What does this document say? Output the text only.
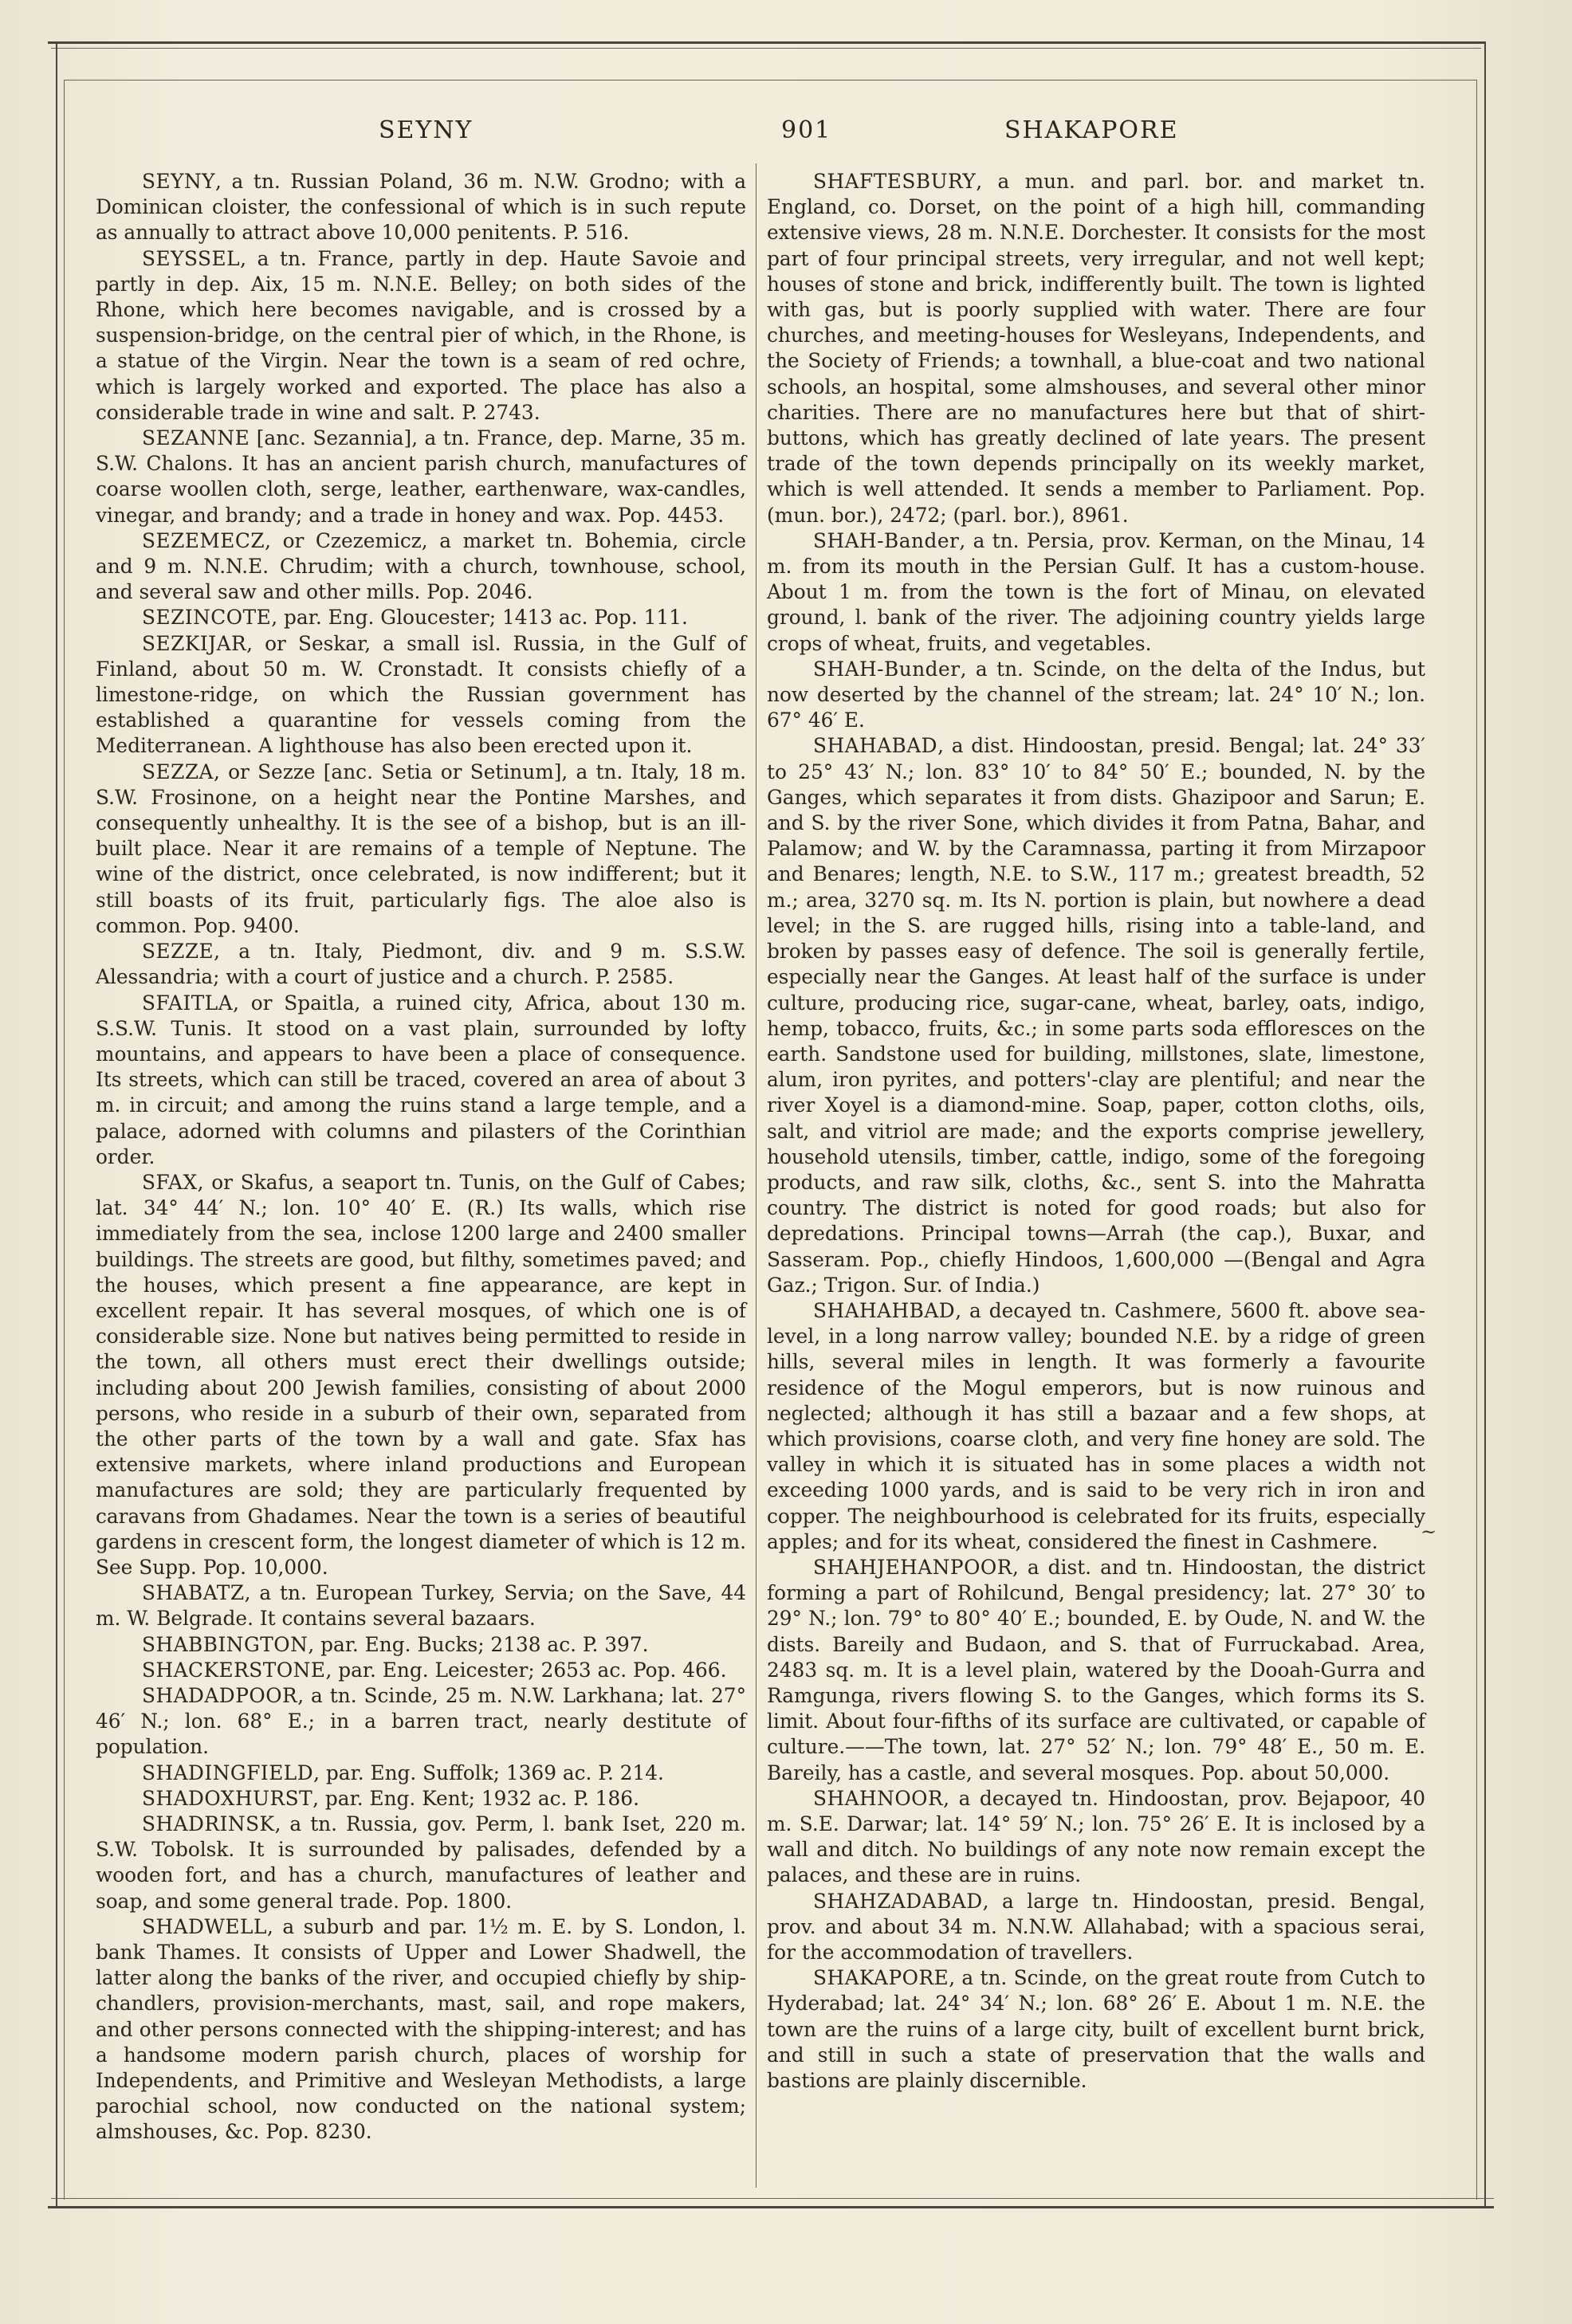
SEYNY	901	SHAKAPORE

SEYNY, a tn. Russian Poland, 36 m. N.W. Grodno; with a Dominican cloister, the confessional of which is in such repute as annually to attract above 10,000 penitents. P. 516.

SEYSSEL, a tn. France, partly in dep. Haute Savoie and partly in dep. Aix, 15 m. N.N.E. Belley; on both sides of the Rhone, which here becomes navigable, and is crossed by a suspension-bridge, on the central pier of which, in the Rhone, is a statue of the Virgin. Near the town is a seam of red ochre, which is largely worked and exported. The place has also a considerable trade in wine and salt. P. 2743.

SEZANNE [anc. Sezannia], a tn. France, dep. Marne, 35 m. S.W. Chalons. It has an ancient parish church, manufactures of coarse woollen cloth, serge, leather, earthenware, wax-candles, vinegar, and brandy; and a trade in honey and wax. Pop. 4453.

SEZEMECZ, or Czezemicz, a market tn. Bohemia, circle and 9 m. N.N.E. Chrudim; with a church, townhouse, school, and several saw and other mills. Pop. 2046.

SEZINCOTE, par. Eng. Gloucester; 1413 ac. Pop. 111.

SEZKIJAR, or Seskar, a small isl. Russia, in the Gulf of Finland, about 50 m. W. Cronstadt. It consists chiefly of a limestone-ridge, on which the Russian government has established a quarantine for vessels coming from the Mediterranean. A lighthouse has also been erected upon it.

SEZZA, or Sezze [anc. Setia or Setinum], a tn. Italy, 18 m. S.W. Frosinone, on a height near the Pontine Marshes, and consequently unhealthy. It is the see of a bishop, but is an ill-built place. Near it are remains of a temple of Neptune. The wine of the district, once celebrated, is now indifferent; but it still boasts of its fruit, particularly figs. The aloe also is common. Pop. 9400.

SEZZE, a tn. Italy, Piedmont, div. and 9 m. S.S.W. Alessandria; with a court of justice and a church. P. 2585.

SFAITLA, or Spaitla, a ruined city, Africa, about 130 m. S.S.W. Tunis. It stood on a vast plain, surrounded by lofty mountains, and appears to have been a place of consequence. Its streets, which can still be traced, covered an area of about 3 m. in circuit; and among the ruins stand a large temple, and a palace, adorned with columns and pilasters of the Corinthian order.

SFAX, or Skafus, a seaport tn. Tunis, on the Gulf of Cabes; lat. 34° 44′ N.; lon. 10° 40′ E. (R.) Its walls, which rise immediately from the sea, inclose 1200 large and 2400 smaller buildings. The streets are good, but filthy, sometimes paved; and the houses, which present a fine appearance, are kept in excellent repair. It has several mosques, of which one is of considerable size. None but natives being permitted to reside in the town, all others must erect their dwellings outside; including about 200 Jewish families, consisting of about 2000 persons, who reside in a suburb of their own, separated from the other parts of the town by a wall and gate. Sfax has extensive markets, where inland productions and European manufactures are sold; they are particularly frequented by caravans from Ghadames. Near the town is a series of beautiful gardens in crescent form, the longest diameter of which is 12 m. See Supp. Pop. 10,000.

SHABATZ, a tn. European Turkey, Servia; on the Save, 44 m. W. Belgrade. It contains several bazaars.

SHABBINGTON, par. Eng. Bucks; 2138 ac. P. 397.

SHACKERSTONE, par. Eng. Leicester; 2653 ac. Pop. 466.

SHADADPOOR, a tn. Scinde, 25 m. N.W. Larkhana; lat. 27° 46′ N.; lon. 68° E.; in a barren tract, nearly destitute of population.

SHADINGFIELD, par. Eng. Suffolk; 1369 ac. P. 214.

SHADOXHURST, par. Eng. Kent; 1932 ac. P. 186.

SHADRINSK, a tn. Russia, gov. Perm, l. bank Iset, 220 m. S.W. Tobolsk. It is surrounded by palisades, defended by a wooden fort, and has a church, manufactures of leather and soap, and some general trade. Pop. 1800.

SHADWELL, a suburb and par. 1½ m. E. by S. London, l. bank Thames. It consists of Upper and Lower Shadwell, the latter along the banks of the river, and occupied chiefly by ship-chandlers, provision-merchants, mast, sail, and rope makers, and other persons connected with the shipping-interest; and has a handsome modern parish church, places of worship for Independents, and Primitive and Wesleyan Methodists, a large parochial school, now conducted on the national system; almshouses, &c. Pop. 8230.

SHAFTESBURY, a mun. and parl. bor. and market tn. England, co. Dorset, on the point of a high hill, commanding extensive views, 28 m. N.N.E. Dorchester. It consists for the most part of four principal streets, very irregular, and not well kept; houses of stone and brick, indifferently built. The town is lighted with gas, but is poorly supplied with water. There are four churches, and meeting-houses for Wesleyans, Independents, and the Society of Friends; a townhall, a blue-coat and two national schools, an hospital, some almshouses, and several other minor charities. There are no manufactures here but that of shirt-buttons, which has greatly declined of late years. The present trade of the town depends principally on its weekly market, which is well attended. It sends a member to Parliament. Pop. (mun. bor.), 2472; (parl. bor.), 8961.

SHAH-Bander, a tn. Persia, prov. Kerman, on the Minau, 14 m. from its mouth in the Persian Gulf. It has a custom-house. About 1 m. from the town is the fort of Minau, on elevated ground, l. bank of the river. The adjoining country yields large crops of wheat, fruits, and vegetables.

SHAH-Bunder, a tn. Scinde, on the delta of the Indus, but now deserted by the channel of the stream; lat. 24° 10′ N.; lon. 67° 46′ E.

SHAHABAD, a dist. Hindoostan, presid. Bengal; lat. 24° 33′ to 25° 43′ N.; lon. 83° 10′ to 84° 50′ E.; bounded, N. by the Ganges, which separates it from dists. Ghazipoor and Sarun; E. and S. by the river Sone, which divides it from Patna, Bahar, and Palamow; and W. by the Caramnassa, parting it from Mirzapoor and Benares; length, N.E. to S.W., 117 m.; greatest breadth, 52 m.; area, 3270 sq. m. Its N. portion is plain, but nowhere a dead level; in the S. are rugged hills, rising into a table-land, and broken by passes easy of defence. The soil is generally fertile, especially near the Ganges. At least half of the surface is under culture, producing rice, sugar-cane, wheat, barley, oats, indigo, hemp, tobacco, fruits, &c.; in some parts soda effloresces on the earth. Sandstone used for building, millstones, slate, limestone, alum, iron pyrites, and potters'-clay are plentiful; and near the river Xoyel is a diamond-mine. Soap, paper, cotton cloths, oils, salt, and vitriol are made; and the exports comprise jewellery, household utensils, timber, cattle, indigo, some of the foregoing products, and raw silk, cloths, &c., sent S. into the Mahratta country. The district is noted for good roads; but also for depredations. Principal towns—Arrah (the cap.), Buxar, and Sasseram. Pop., chiefly Hindoos, 1,600,000 —(Bengal and Agra Gaz.; Trigon. Sur. of India.)

SHAHAHBAD, a decayed tn. Cashmere, 5600 ft. above sea-level, in a long narrow valley; bounded N.E. by a ridge of green hills, several miles in length. It was formerly a favourite residence of the Mogul emperors, but is now ruinous and neglected; although it has still a bazaar and a few shops, at which provisions, coarse cloth, and very fine honey are sold. The valley in which it is situated has in some places a width not exceeding 1000 yards, and is said to be very rich in iron and copper. The neighbourhood is celebrated for its fruits, especially apples; and for its wheat, considered the finest in Cashmere.

SHAHJEHANPOOR, a dist. and tn. Hindoostan, the district forming a part of Rohilcund, Bengal presidency; lat. 27° 30′ to 29° N.; lon. 79° to 80° 40′ E.; bounded, E. by Oude, N. and W. the dists. Bareily and Budaon, and S. that of Furruckabad. Area, 2483 sq. m. It is a level plain, watered by the Dooah-Gurra and Ramgunga, rivers flowing S. to the Ganges, which forms its S. limit. About four-fifths of its surface are cultivated, or capable of culture.——The town, lat. 27° 52′ N.; lon. 79° 48′ E., 50 m. E. Bareily, has a castle, and several mosques. Pop. about 50,000.

SHAHNOOR, a decayed tn. Hindoostan, prov. Bejapoor, 40 m. S.E. Darwar; lat. 14° 59′ N.; lon. 75° 26′ E. It is inclosed by a wall and ditch. No buildings of any note now remain except the palaces, and these are in ruins.

SHAHZADABAD, a large tn. Hindoostan, presid. Bengal, prov. and about 34 m. N.N.W. Allahabad; with a spacious serai, for the accommodation of travellers.

SHAKAPORE, a tn. Scinde, on the great route from Cutch to Hyderabad; lat. 24° 34′ N.; lon. 68° 26′ E. About 1 m. N.E. the town are the ruins of a large city, built of excellent burnt brick, and still in such a state of preservation that the walls and bastions are plainly discernible.

~
